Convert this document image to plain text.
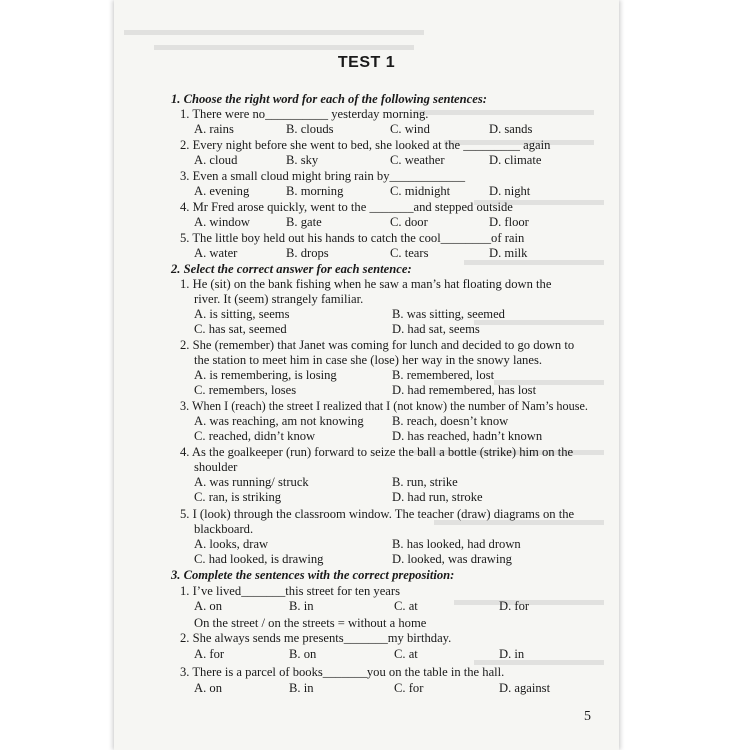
TEST 1
1. Choose the right word for each of the following sentences:
1. There were no__________ yesterday morning.
A. rains	B. clouds	C. wind	D. sands
2. Every night before she went to bed, she looked at the _________ again
A. cloud	B. sky	C. weather	D. climate
3. Even a small cloud might bring rain by____________
A. evening	B. morning	C. midnight	D. night
4. Mr Fred arose quickly, went to the _______and stepped outside
A. window	B. gate	C. door	D. floor
5. The little boy held out his hands to catch the cool________of rain
A. water	B. drops	C. tears	D. milk
2. Select the correct answer for each sentence:
1. He (sit) on the bank fishing when he saw a man’s hat floating down the
river. It (seem) strangely familiar.
A. is sitting, seems	B. was sitting, seemed
C. has sat, seemed	D. had sat, seems
2. She (remember) that Janet was coming for lunch and decided to go down to
the station to meet him in case she (lose) her way in the snowy lanes.
A. is remembering, is losing	B. remembered, lost
C. remembers, loses	D. had remembered, has lost
3. When I (reach) the street I realized that I (not know) the number of Nam’s house.
A. was reaching, am not knowing B. reach, doesn’t know
C. reached, didn’t know	D. has reached, hadn’t known
4. As the goalkeeper (run) forward to seize the ball a bottle (strike) him on the
shoulder
A. was running/ struck	B. run, strike
C. ran, is striking	D. had run, stroke
5. I (look) through the classroom window. The teacher (draw) diagrams on the
blackboard.
A. looks, draw	B. has looked, had drown
C. had looked, is drawing	D. looked, was drawing
3. Complete the sentences with the correct preposition:
1. I’ve lived_______this street for ten years
A. on	B. in	C. at	D. for
On the street / on the streets = without a home
2. She always sends me presents_______my birthday.
A. for	B. on	C. at	D. in
3. There is a parcel of books_______you on the table in the hall.
A. on	B. in	C. for	D. against
5
